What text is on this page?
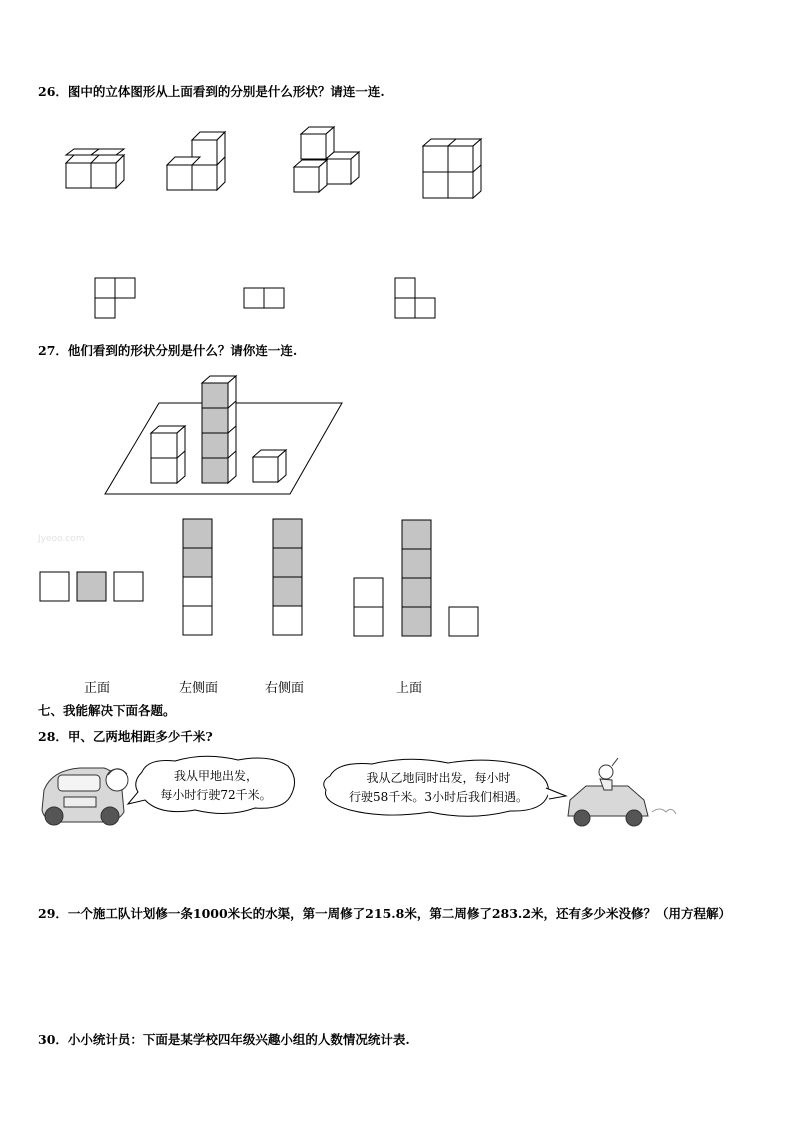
26．图中的立体图形从上面看到的分别是什么形状？请连一连.
27．他们看到的形状分别是什么？请你连一连.
Jyeoo.com
正面	左侧面	右侧面	上面
七、我能解决下面各题。
28．甲、乙两地相距多少千米?
我从甲地出发，
每小时行驶72千米。
我从乙地同时出发，每小时
行驶58千米。3小时后我们相遇。
29．一个施工队计划修一条1000米长的水渠，第一周修了215.8米，第二周修了283.2米，还有多少米没修？（用方程解）
30．小小统计员：下面是某学校四年级兴趣小组的人数情况统计表.
